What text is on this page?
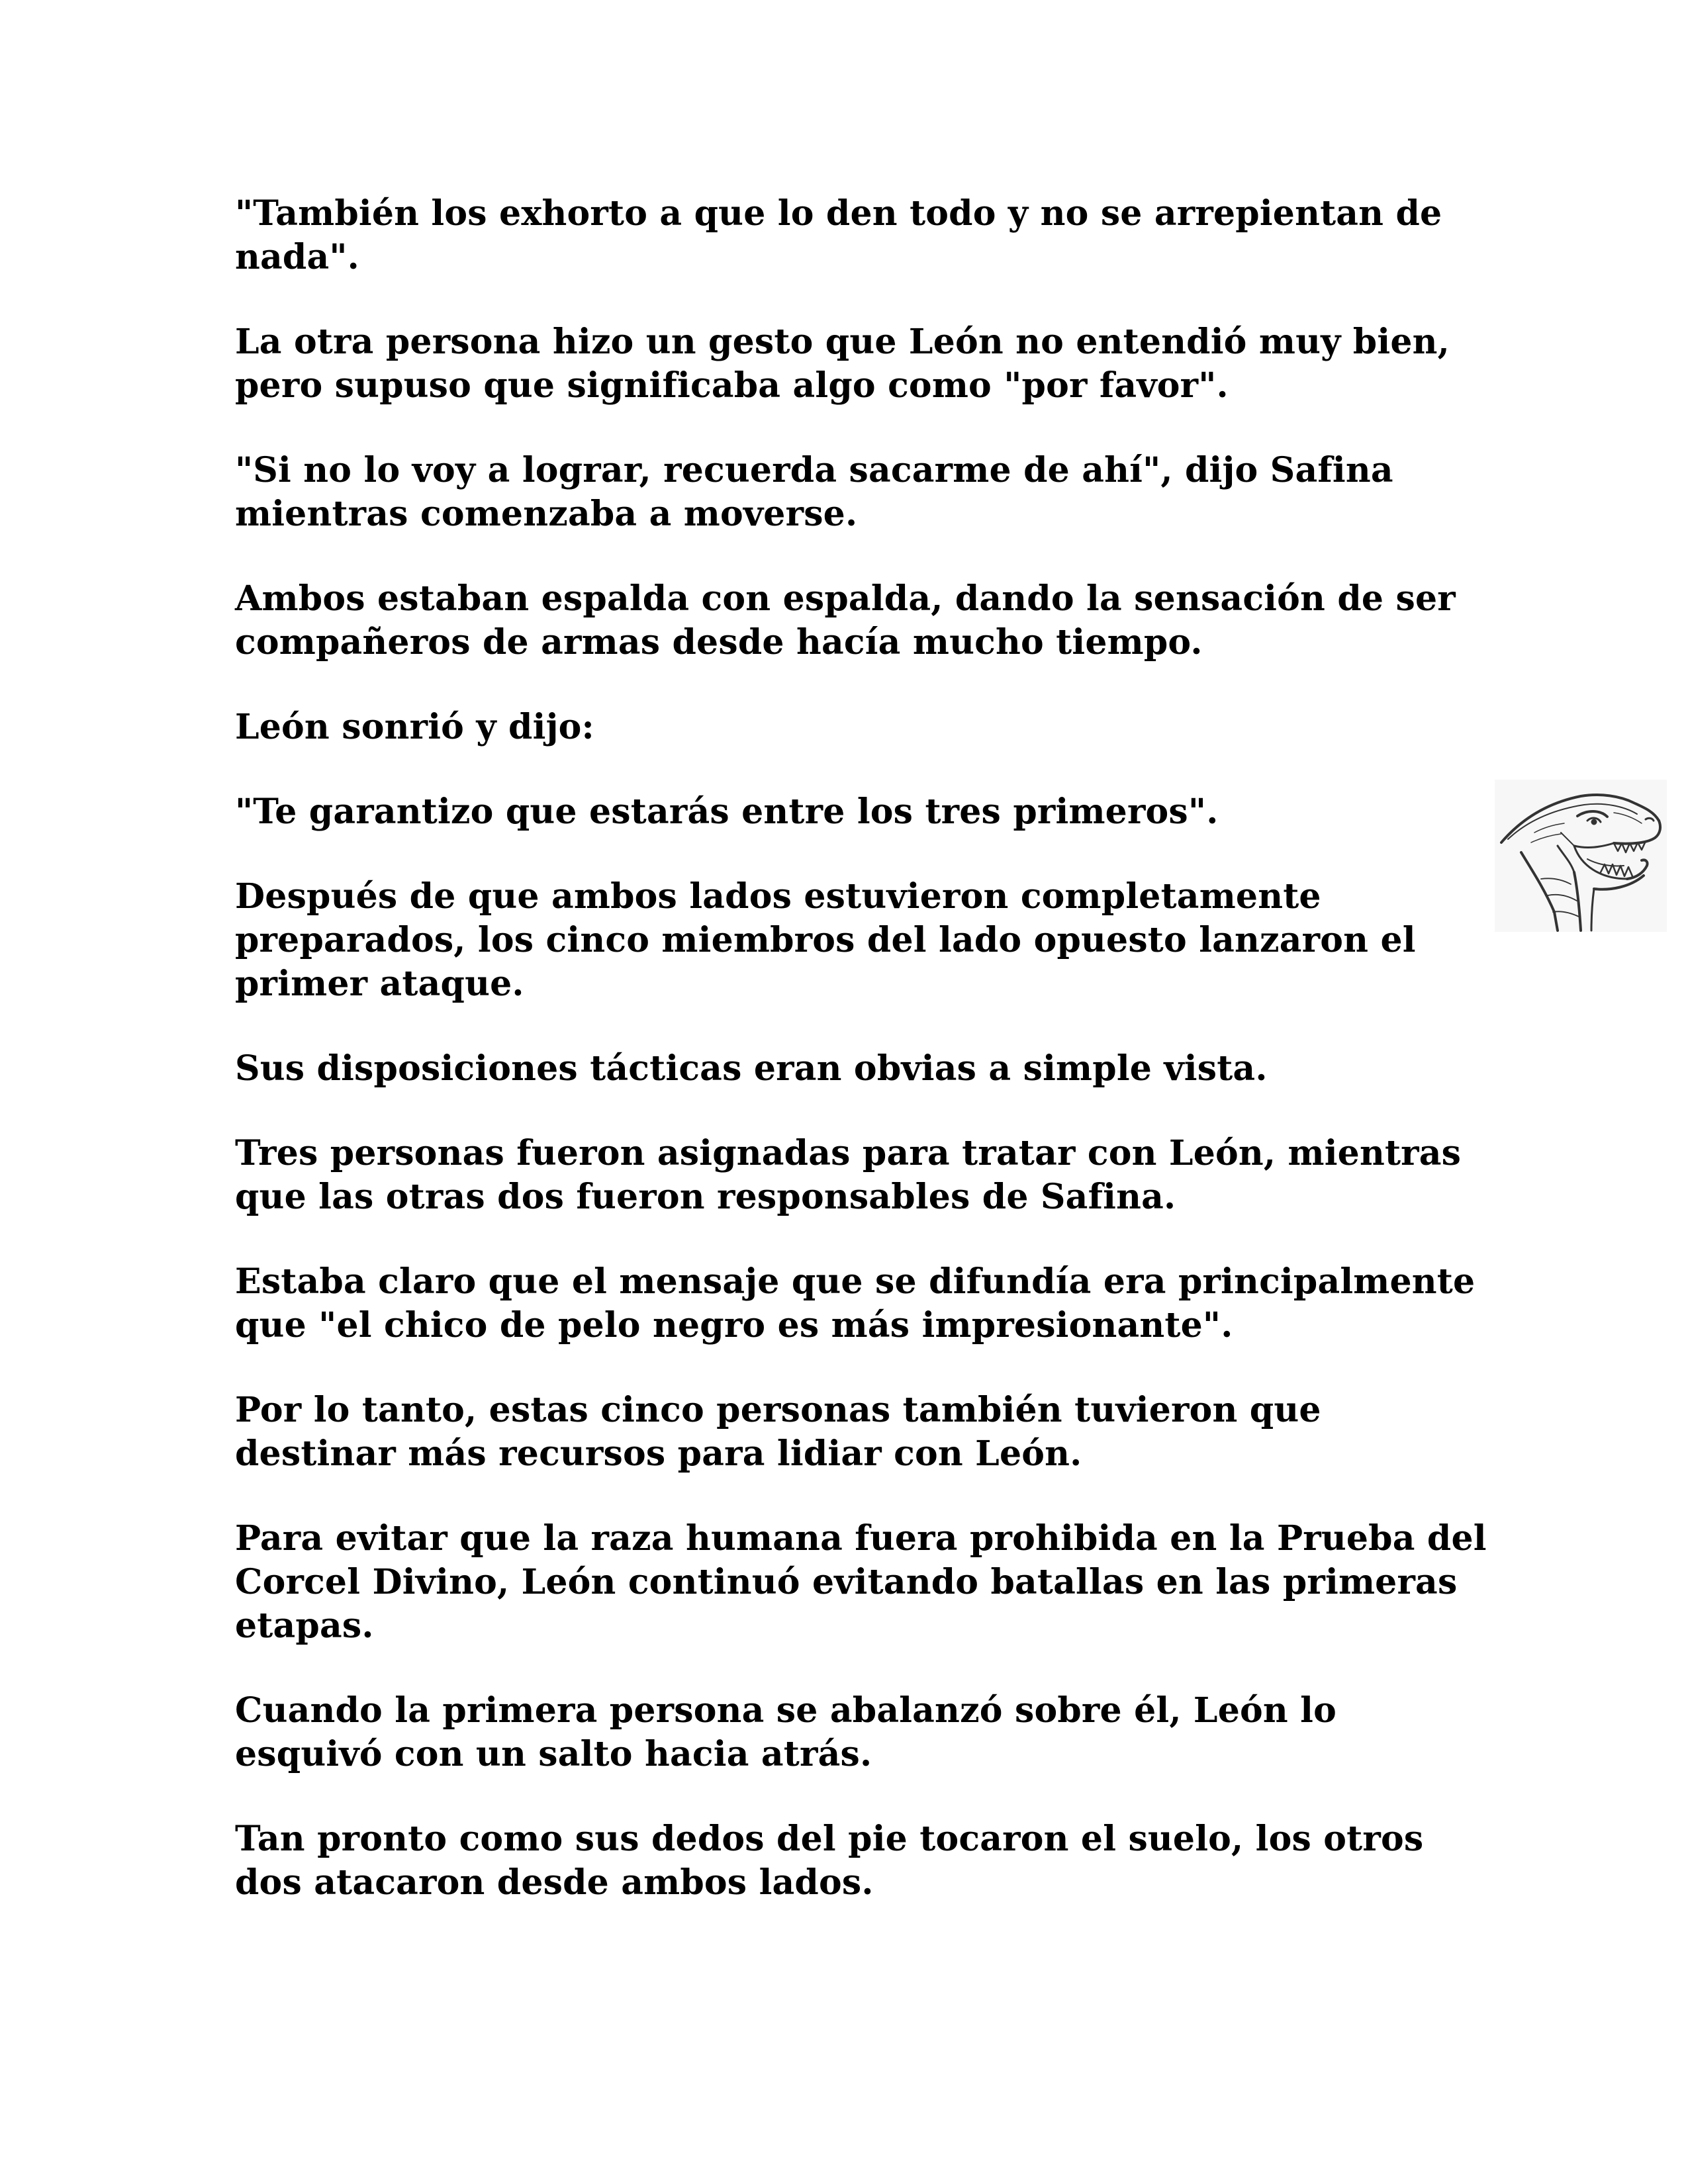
"También los exhorto a que lo den todo y no se arrepientan de nada".

La otra persona hizo un gesto que León no entendió muy bien, pero supuso que significaba algo como "por favor".

"Si no lo voy a lograr, recuerda sacarme de ahí", dijo Safina mientras comenzaba a moverse.

Ambos estaban espalda con espalda, dando la sensación de ser compañeros de armas desde hacía mucho tiempo.

León sonrió y dijo:

"Te garantizo que estarás entre los tres primeros".

Después de que ambos lados estuvieron completamente preparados, los cinco miembros del lado opuesto lanzaron el primer ataque.

Sus disposiciones tácticas eran obvias a simple vista.

Tres personas fueron asignadas para tratar con León, mientras que las otras dos fueron responsables de Safina.

Estaba claro que el mensaje que se difundía era principalmente que "el chico de pelo negro es más impresionante".

Por lo tanto, estas cinco personas también tuvieron que destinar más recursos para lidiar con León.

Para evitar que la raza humana fuera prohibida en la Prueba del Corcel Divino, León continuó evitando batallas en las primeras etapas.

Cuando la primera persona se abalanzó sobre él, León lo esquivó con un salto hacia atrás.

Tan pronto como sus dedos del pie tocaron el suelo, los otros dos atacaron desde ambos lados.
